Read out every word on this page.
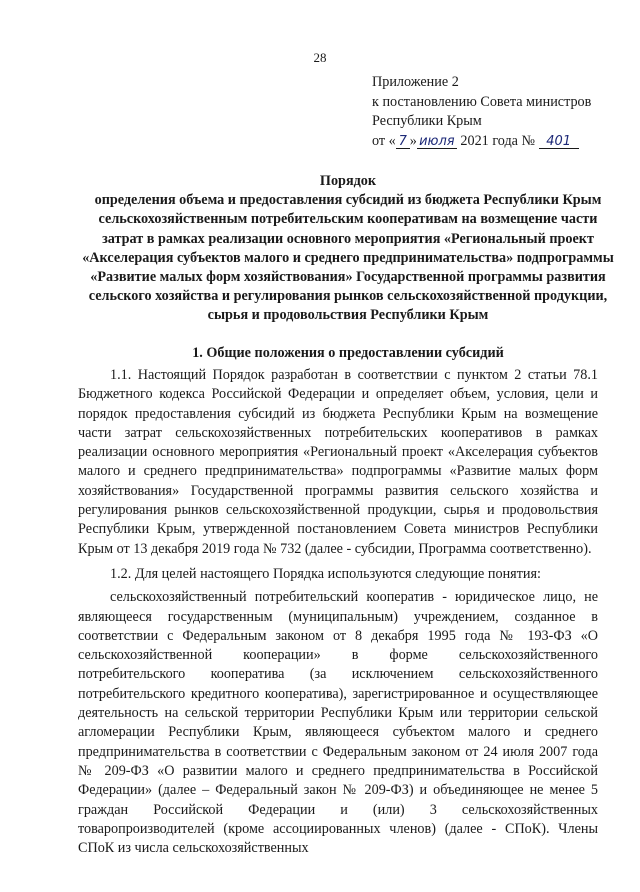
28
Приложение 2
к постановлению Совета министров
Республики Крым
от « 7 » июля 2021 года № 401
Порядок
определения объема и предоставления субсидий из бюджета Республики Крым сельскохозяйственным потребительским кооперативам на возмещение части затрат в рамках реализации основного мероприятия «Региональный проект «Акселерация субъектов малого и среднего предпринимательства» подпрограммы «Развитие малых форм хозяйствования» Государственной программы развития сельского хозяйства и регулирования рынков сельскохозяйственной продукции, сырья и продовольствия Республики Крым
1. Общие положения о предоставлении субсидий

1.1. Настоящий Порядок разработан в соответствии с пунктом 2 статьи 78.1 Бюджетного кодекса Российской Федерации и определяет объем, условия, цели и порядок предоставления субсидий из бюджета Республики Крым на возмещение части затрат сельскохозяйственных потребительских кооперативов в рамках реализации основного мероприятия «Региональный проект «Акселерация субъектов малого и среднего предпринимательства» подпрограммы «Развитие малых форм хозяйствования» Государственной программы развития сельского хозяйства и регулирования рынков сельскохозяйственной продукции, сырья и продовольствия Республики Крым, утвержденной постановлением Совета министров Республики Крым от 13 декабря 2019 года № 732 (далее - субсидии, Программа соответственно).

1.2. Для целей настоящего Порядка используются следующие понятия:

сельскохозяйственный потребительский кооператив - юридическое лицо, не являющееся государственным (муниципальным) учреждением, созданное в соответствии с Федеральным законом от 8 декабря 1995 года № 193-ФЗ «О сельскохозяйственной кооперации» в форме сельскохозяйственного потребительского кооператива (за исключением сельскохозяйственного потребительского кредитного кооператива), зарегистрированное и осуществляющее деятельность на сельской территории Республики Крым или территории сельской агломерации Республики Крым, являющееся субъектом малого и среднего предпринимательства в соответствии с Федеральным законом от 24 июля 2007 года № 209-ФЗ «О развитии малого и среднего предпринимательства в Российской Федерации» (далее – Федеральный закон № 209-ФЗ) и объединяющее не менее 5 граждан Российской Федерации и (или) 3 сельскохозяйственных товаропроизводителей (кроме ассоциированных членов) (далее - СПоК). Члены СПоК из числа сельскохозяйственных
